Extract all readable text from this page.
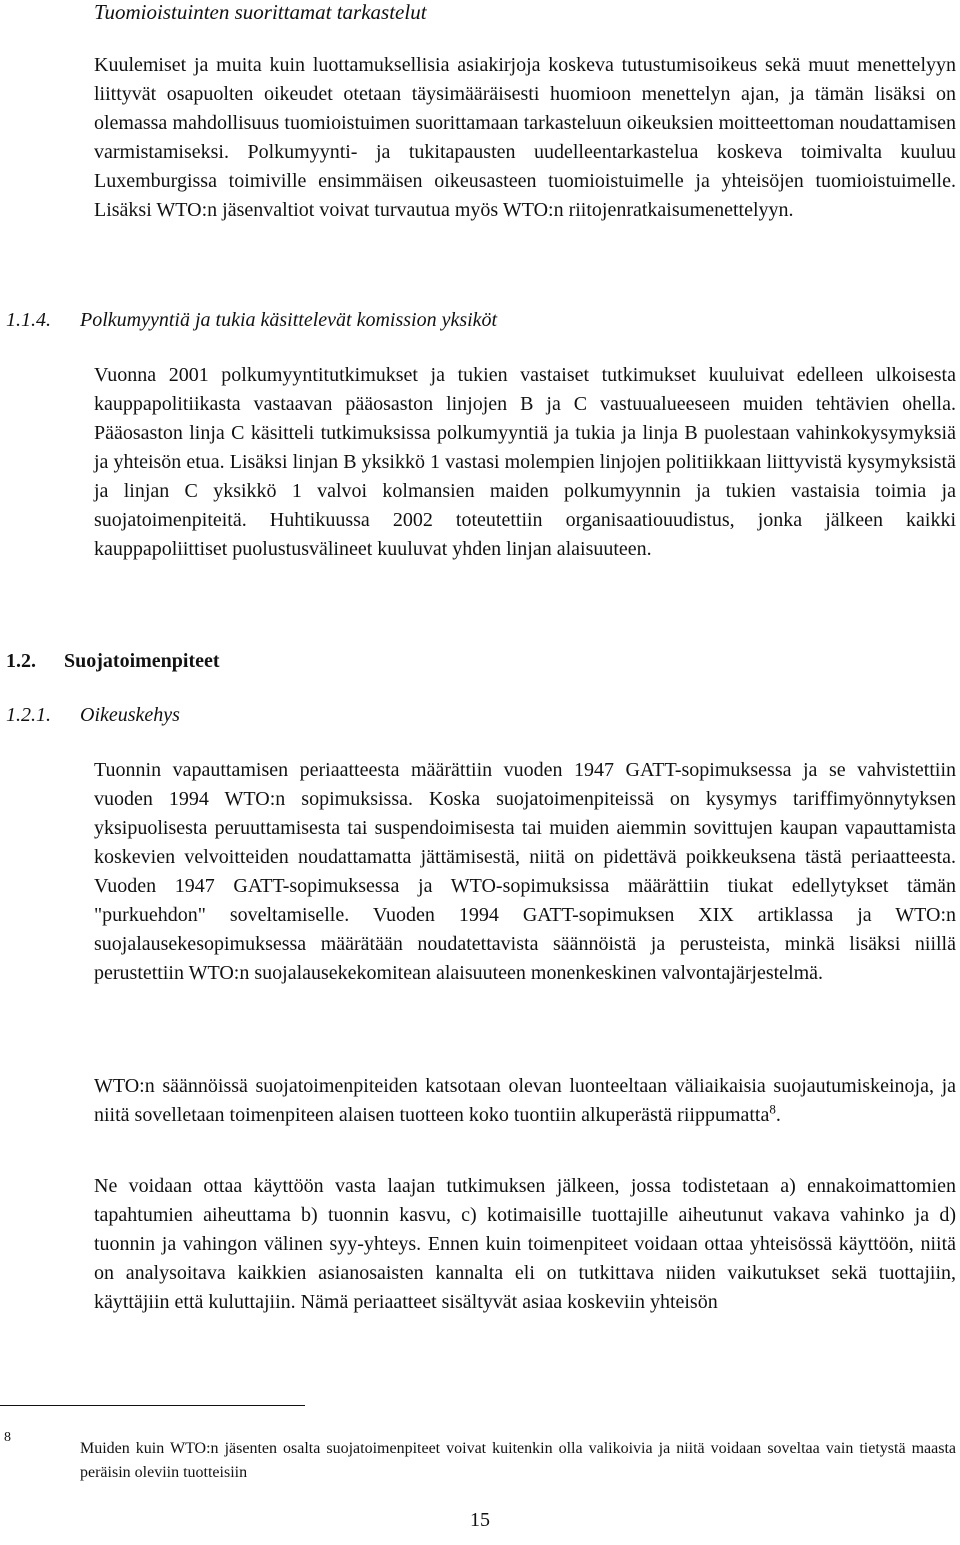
Tuomioistuinten suorittamat tarkastelut

Kuulemiset ja muita kuin luottamuksellisia asiakirjoja koskeva tutustumisoikeus sekä muut menettelyyn liittyvät osapuolten oikeudet otetaan täysimääräisesti huomioon menettelyn ajan, ja tämän lisäksi on olemassa mahdollisuus tuomioistuimen suorittamaan tarkasteluun oikeuksien moitteettoman noudattamisen varmistamiseksi. Polkumyynti- ja tukitapausten uudelleentarkastelua koskeva toimivalta kuuluu Luxemburgissa toimiville ensimmäisen oikeusasteen tuomioistuimelle ja yhteisöjen tuomioistuimelle. Lisäksi WTO:n jäsenvaltiot voivat turvautua myös WTO:n riitojenratkaisumenettelyyn.

1.1.4. Polkumyyntiä ja tukia käsittelevät komission yksiköt

Vuonna 2001 polkumyyntitutkimukset ja tukien vastaiset tutkimukset kuuluivat edelleen ulkoisesta kauppapolitiikasta vastaavan pääosaston linjojen B ja C vastuualueeseen muiden tehtävien ohella. Pääosaston linja C käsitteli tutkimuksissa polkumyyntiä ja tukia ja linja B puolestaan vahinkokysymyksiä ja yhteisön etua. Lisäksi linjan B yksikkö 1 vastasi molempien linjojen politiikkaan liittyvistä kysymyksistä ja linjan C yksikkö 1 valvoi kolmansien maiden polkumyynnin ja tukien vastaisia toimia ja suojatoimenpiteitä. Huhtikuussa 2002 toteutettiin organisaatiouudistus, jonka jälkeen kaikki kauppapoliittiset puolustusvälineet kuuluvat yhden linjan alaisuuteen.

1.2. Suojatoimenpiteet
1.2.1. Oikeuskehys

Tuonnin vapauttamisen periaatteesta määrättiin vuoden 1947 GATT-sopimuksessa ja se vahvistettiin vuoden 1994 WTO:n sopimuksissa. Koska suojatoimenpiteissä on kysymys tariffimyönnytyksen yksipuolisesta peruuttamisesta tai suspendoimisesta tai muiden aiemmin sovittujen kaupan vapauttamista koskevien velvoitteiden noudattamatta jättämisestä, niitä on pidettävä poikkeuksena tästä periaatteesta. Vuoden 1947 GATT-sopimuksessa ja WTO-sopimuksissa määrättiin tiukat edellytykset tämän "purkuehdon" soveltamiselle. Vuoden 1994 GATT-sopimuksen XIX artiklassa ja WTO:n suojalausekesopimuksessa määrätään noudatettavista säännöistä ja perusteista, minkä lisäksi niillä perustettiin WTO:n suojalausekekomitean alaisuuteen monenkeskinen valvontajärjestelmä.

WTO:n säännöissä suojatoimenpiteiden katsotaan olevan luonteeltaan väliaikaisia suojautumiskeinoja, ja niitä sovelletaan toimenpiteen alaisen tuotteen koko tuontiin alkuperästä riippumatta$^8$.

Ne voidaan ottaa käyttöön vasta laajan tutkimuksen jälkeen, jossa todistetaan a) ennakoimattomien tapahtumien aiheuttama b) tuonnin kasvu, c) kotimaisille tuottajille aiheutunut vakava vahinko ja d) tuonnin ja vahingon välinen syy-yhteys. Ennen kuin toimenpiteet voidaan ottaa yhteisössä käyttöön, niitä on analysoitava kaikkien asianosaisten kannalta eli on tutkittava niiden vaikutukset sekä tuottajiin, käyttäjiin että kuluttajiin. Nämä periaatteet sisältyvät asiaa koskeviin yhteisön

8

Muiden kuin WTO:n jäsenten osalta suojatoimenpiteet voivat kuitenkin olla valikoivia ja niitä voidaan soveltaa vain tietystä maasta peräisin oleviin tuotteisiin

15
